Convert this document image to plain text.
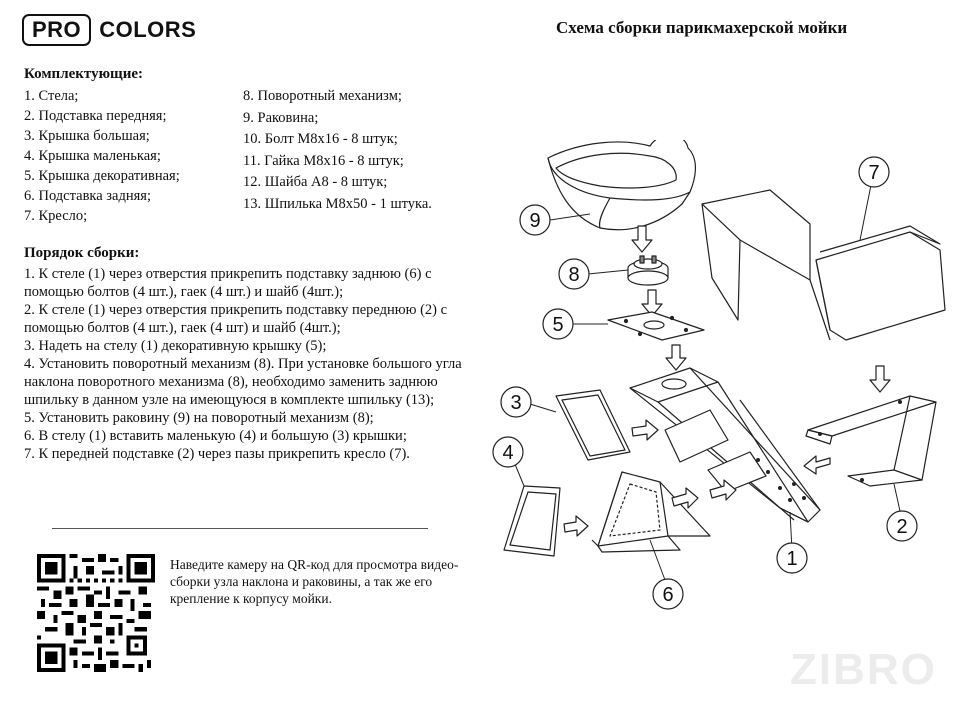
PRO COLORS	Схема сборки парикмахерской мойки
Комплектующие:
1. Стела;
2. Подставка передняя;
3. Крышка большая;
4. Крышка маленькая;
5. Крышка декоративная;
6. Подставка задняя;
7. Кресло;
8. Поворотный механизм;
9. Раковина;
10. Болт М8х16 - 8 штук;
11. Гайка М8х16 - 8 штук;
12. Шайба А8 - 8 штук;
13. Шпилька М8х50 - 1 штука.
Порядок сборки:
1. К стеле (1) через отверстия прикрепить подставку заднюю (6) с помощью болтов (4 шт.), гаек (4 шт.) и шайб (4шт.);
2. К стеле (1) через отверстия прикрепить подставку переднюю (2) с помощью болтов (4 шт.), гаек (4 шт) и шайб (4шт.);
3. Надеть на стелу (1) декоративную крышку (5);
4. Установить поворотный механизм (8). При установке большого угла наклона поворотного механизма (8), необходимо заменить заднюю шпильку в данном узле на имеющуюся в комплекте шпильку (13);
5. Установить раковину (9) на поворотный механизм (8);
6. В стелу (1) вставить маленькую (4) и большую (3) крышки;
7. К передней подставке (2) через пазы прикрепить кресло (7).
Наведите камеру на QR-код для просмотра видео-сборки узла наклона и раковины, а так же его крепление к корпусу мойки.
9
8
5
3
4
6
1
2
7
ZIBRO
